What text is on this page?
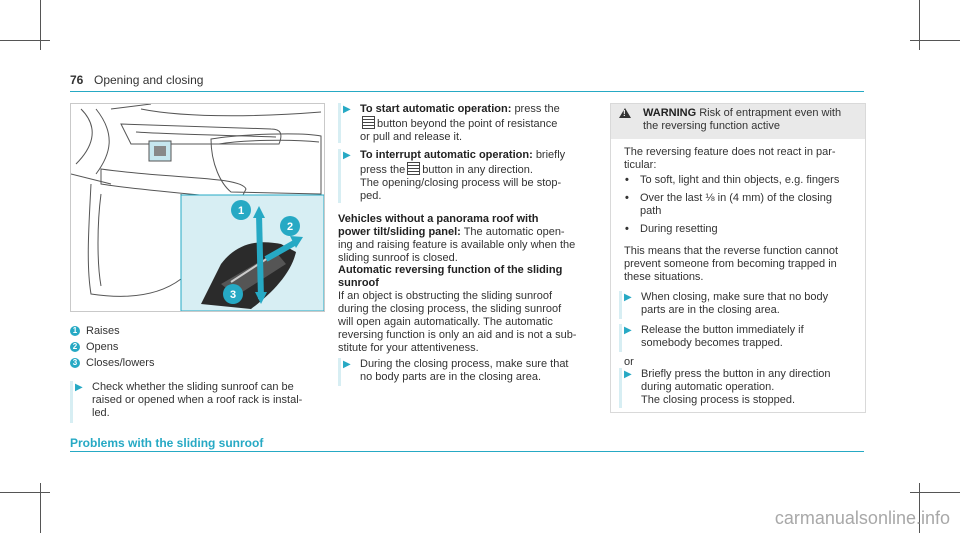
76 Opening and closing
1
2
3
1 Raises
2 Opens
3 Closes/lowers
▶ Check whether the sliding sunroof can be
raised or opened when a roof rack is instal-
led.
▶ To start automatic operation: press the
button beyond the point of resistance
or pull and release it.
▶ To interrupt automatic operation: briefly
press the button in any direction.
The opening/closing process will be stop-
ped.
Vehicles without a panorama roof with
power tilt/sliding panel: The automatic open-
ing and raising feature is available only when the
sliding sunroof is closed.
Automatic reversing function of the sliding
sunroof
If an object is obstructing the sliding sunroof
during the closing process, the sliding sunroof
will open again automatically. The automatic
reversing function is only an aid and is not a sub-
stitute for your attentiveness.
▶ During the closing process, make sure that
no body parts are in the closing area.
!
WARNING Risk of entrapment even with
the reversing function active
The reversing feature does not react in par-
ticular:
• To soft, light and thin objects, e.g. fingers
• Over the last ⅛ in (4 mm) of the closing
path
• During resetting
This means that the reverse function cannot
prevent someone from becoming trapped in
these situations.
▶ When closing, make sure that no body
parts are in the closing area.
▶ Release the button immediately if
somebody becomes trapped.
or
▶ Briefly press the button in any direction
during automatic operation.
The closing process is stopped.
Problems with the sliding sunroof
carmanualsonline.info
